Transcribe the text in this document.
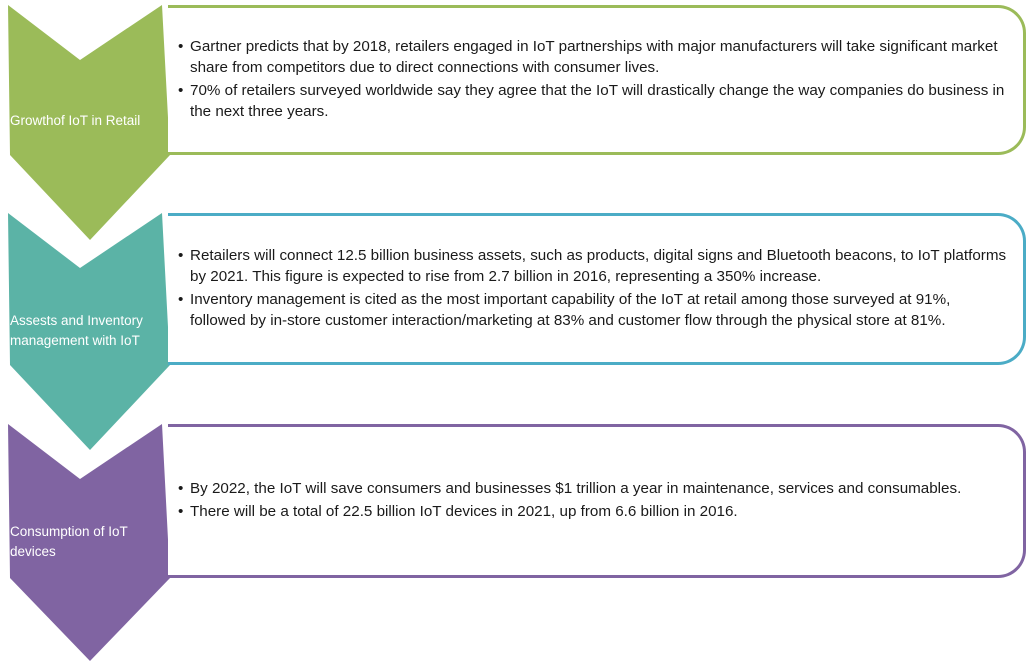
• Gartner predicts that by 2018, retailers engaged in IoT partnerships with major manufacturers will take significant market share from competitors due to direct connections with consumer lives.
• 70% of retailers surveyed worldwide say they agree that the IoT will drastically change the way companies do business in the next three years.
Growthof IoT in Retail
• Retailers will connect 12.5 billion business assets, such as products, digital signs and Bluetooth beacons, to IoT platforms by 2021. This figure is expected to rise from 2.7 billion in 2016, representing a 350% increase.
• Inventory management is cited as the most important capability of the IoT at retail among those surveyed at 91%, followed by in-store customer interaction/marketing at 83% and customer flow through the physical store at 81%.
Assests and Inventory management with IoT
• By 2022, the IoT will save consumers and businesses $1 trillion a year in maintenance, services and consumables.
• There will be a total of 22.5 billion IoT devices in 2021, up from 6.6 billion in 2016.
Consumption of IoT devices
